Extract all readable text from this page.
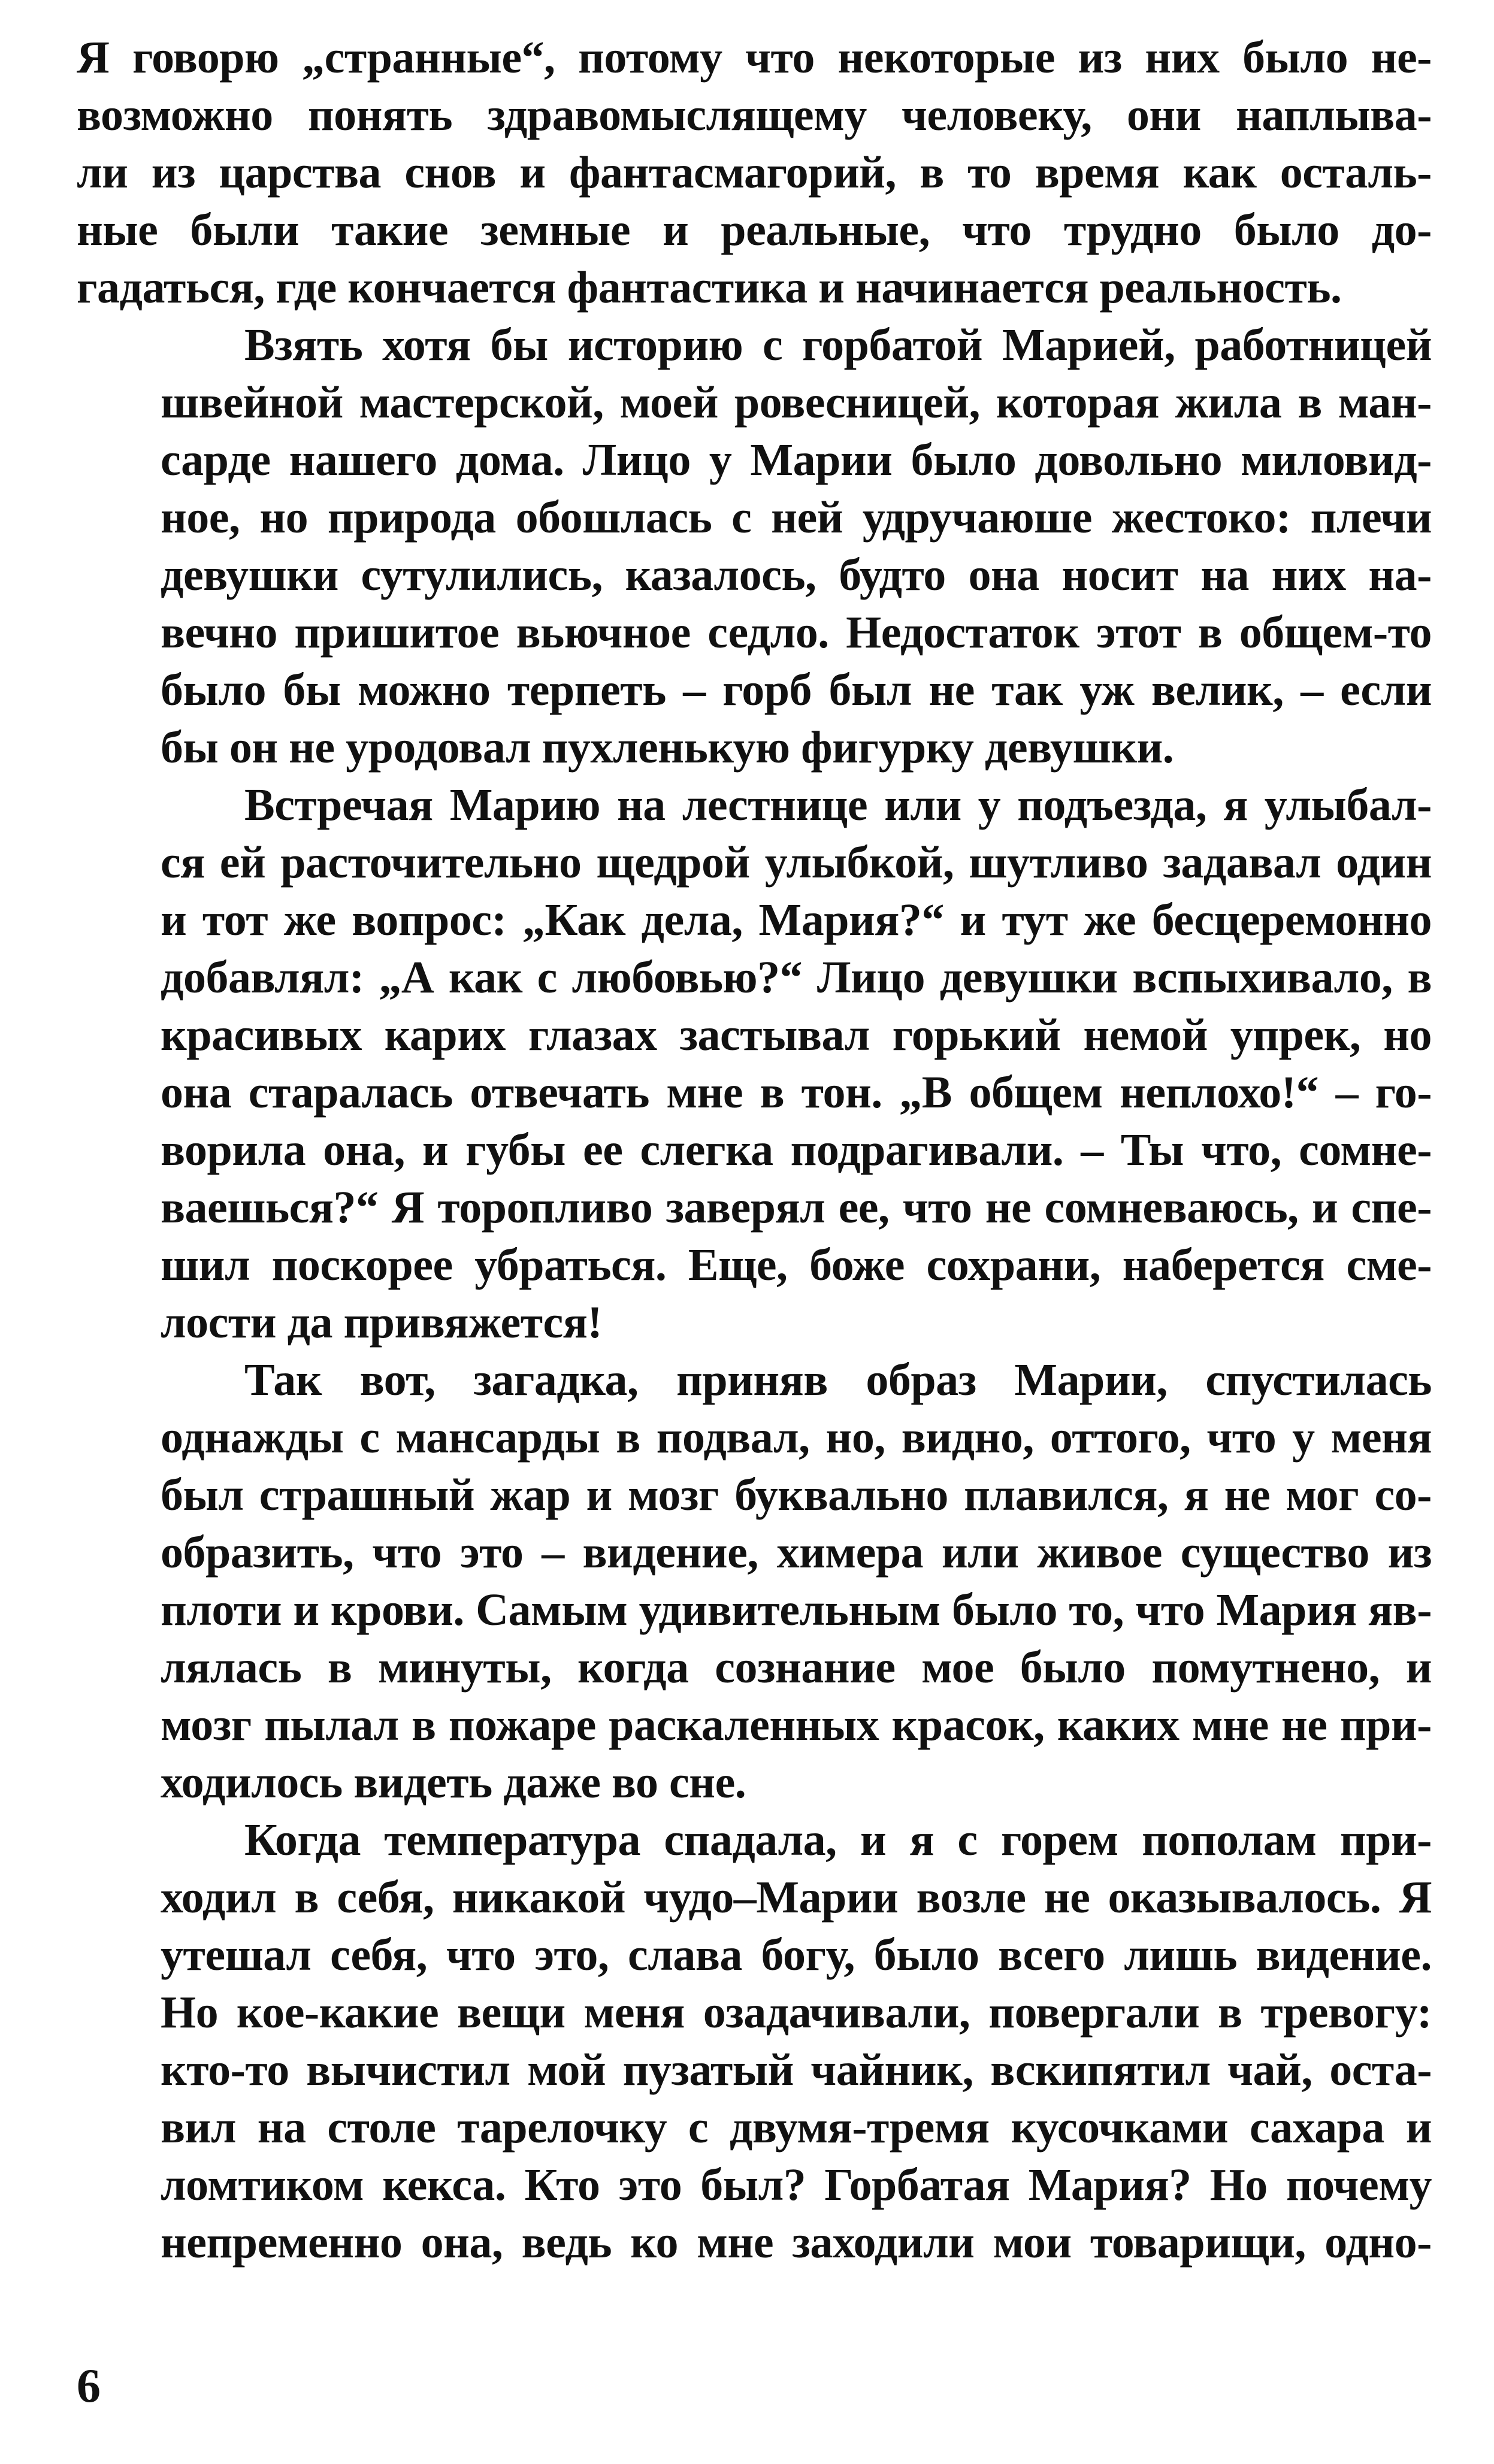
Я говорю „странные“, потому что некоторые из них было не-
возможно понять здравомыслящему человеку, они наплыва-
ли из царства снов и фантасмагорий, в то время как осталь-
ные были такие земные и реальные, что трудно было до-
гадаться, где кончается фантастика и начинается реальность.
Взять хотя бы историю с горбатой Марией, работницей
швейной мастерской, моей ровесницей, которая жила в ман-
сарде нашего дома. Лицо у Марии было довольно миловид-
ное, но природа обошлась с ней удручаюше жестоко: плечи
девушки сутулились, казалось, будто она носит на них на-
вечно пришитое вьючное седло. Недостаток этот в общем-то
было бы можно терпеть – горб был не так уж велик, – если
бы он не уродовал пухленькую фигурку девушки.
Встречая Марию на лестнице или у подъезда, я улыбал-
ся ей расточительно щедрой улыбкой, шутливо задавал один
и тот же вопрос: „Как дела, Мария?“ и тут же бесцеремонно
добавлял: „А как с любовью?“ Лицо девушки вспыхивало, в
красивых карих глазах застывал горький немой упрек, но
она старалась отвечать мне в тон. „В общем неплохо!“ – го-
ворила она, и губы ее слегка подрагивали. – Ты что, сомне-
ваешься?“ Я торопливо заверял ее, что не сомневаюсь, и спе-
шил поскорее убраться. Еще, боже сохрани, наберется сме-
лости да привяжется!
Так вот, загадка, приняв образ Марии, спустилась
однажды с мансарды в подвал, но, видно, оттого, что у меня
был страшный жар и мозг буквально плавился, я не мог со-
образить, что это – видение, химера или живое существо из
плоти и крови. Самым удивительным было то, что Мария яв-
лялась в минуты, когда сознание мое было помутнено, и
мозг пылал в пожаре раскаленных красок, каких мне не при-
ходилось видеть даже во сне.
Когда температура спадала, и я с горем пополам при-
ходил в себя, никакой чудо–Марии возле не оказывалось. Я
утешал себя, что это, слава богу, было всего лишь видение.
Но кое-какие вещи меня озадачивали, повергали в тревогу:
кто-то вычистил мой пузатый чайник, вскипятил чай, оста-
вил на столе тарелочку с двумя-тремя кусочками сахара и
ломтиком кекса. Кто это был? Горбатая Мария? Но почему
непременно она, ведь ко мне заходили мои товарищи, одно-
6
